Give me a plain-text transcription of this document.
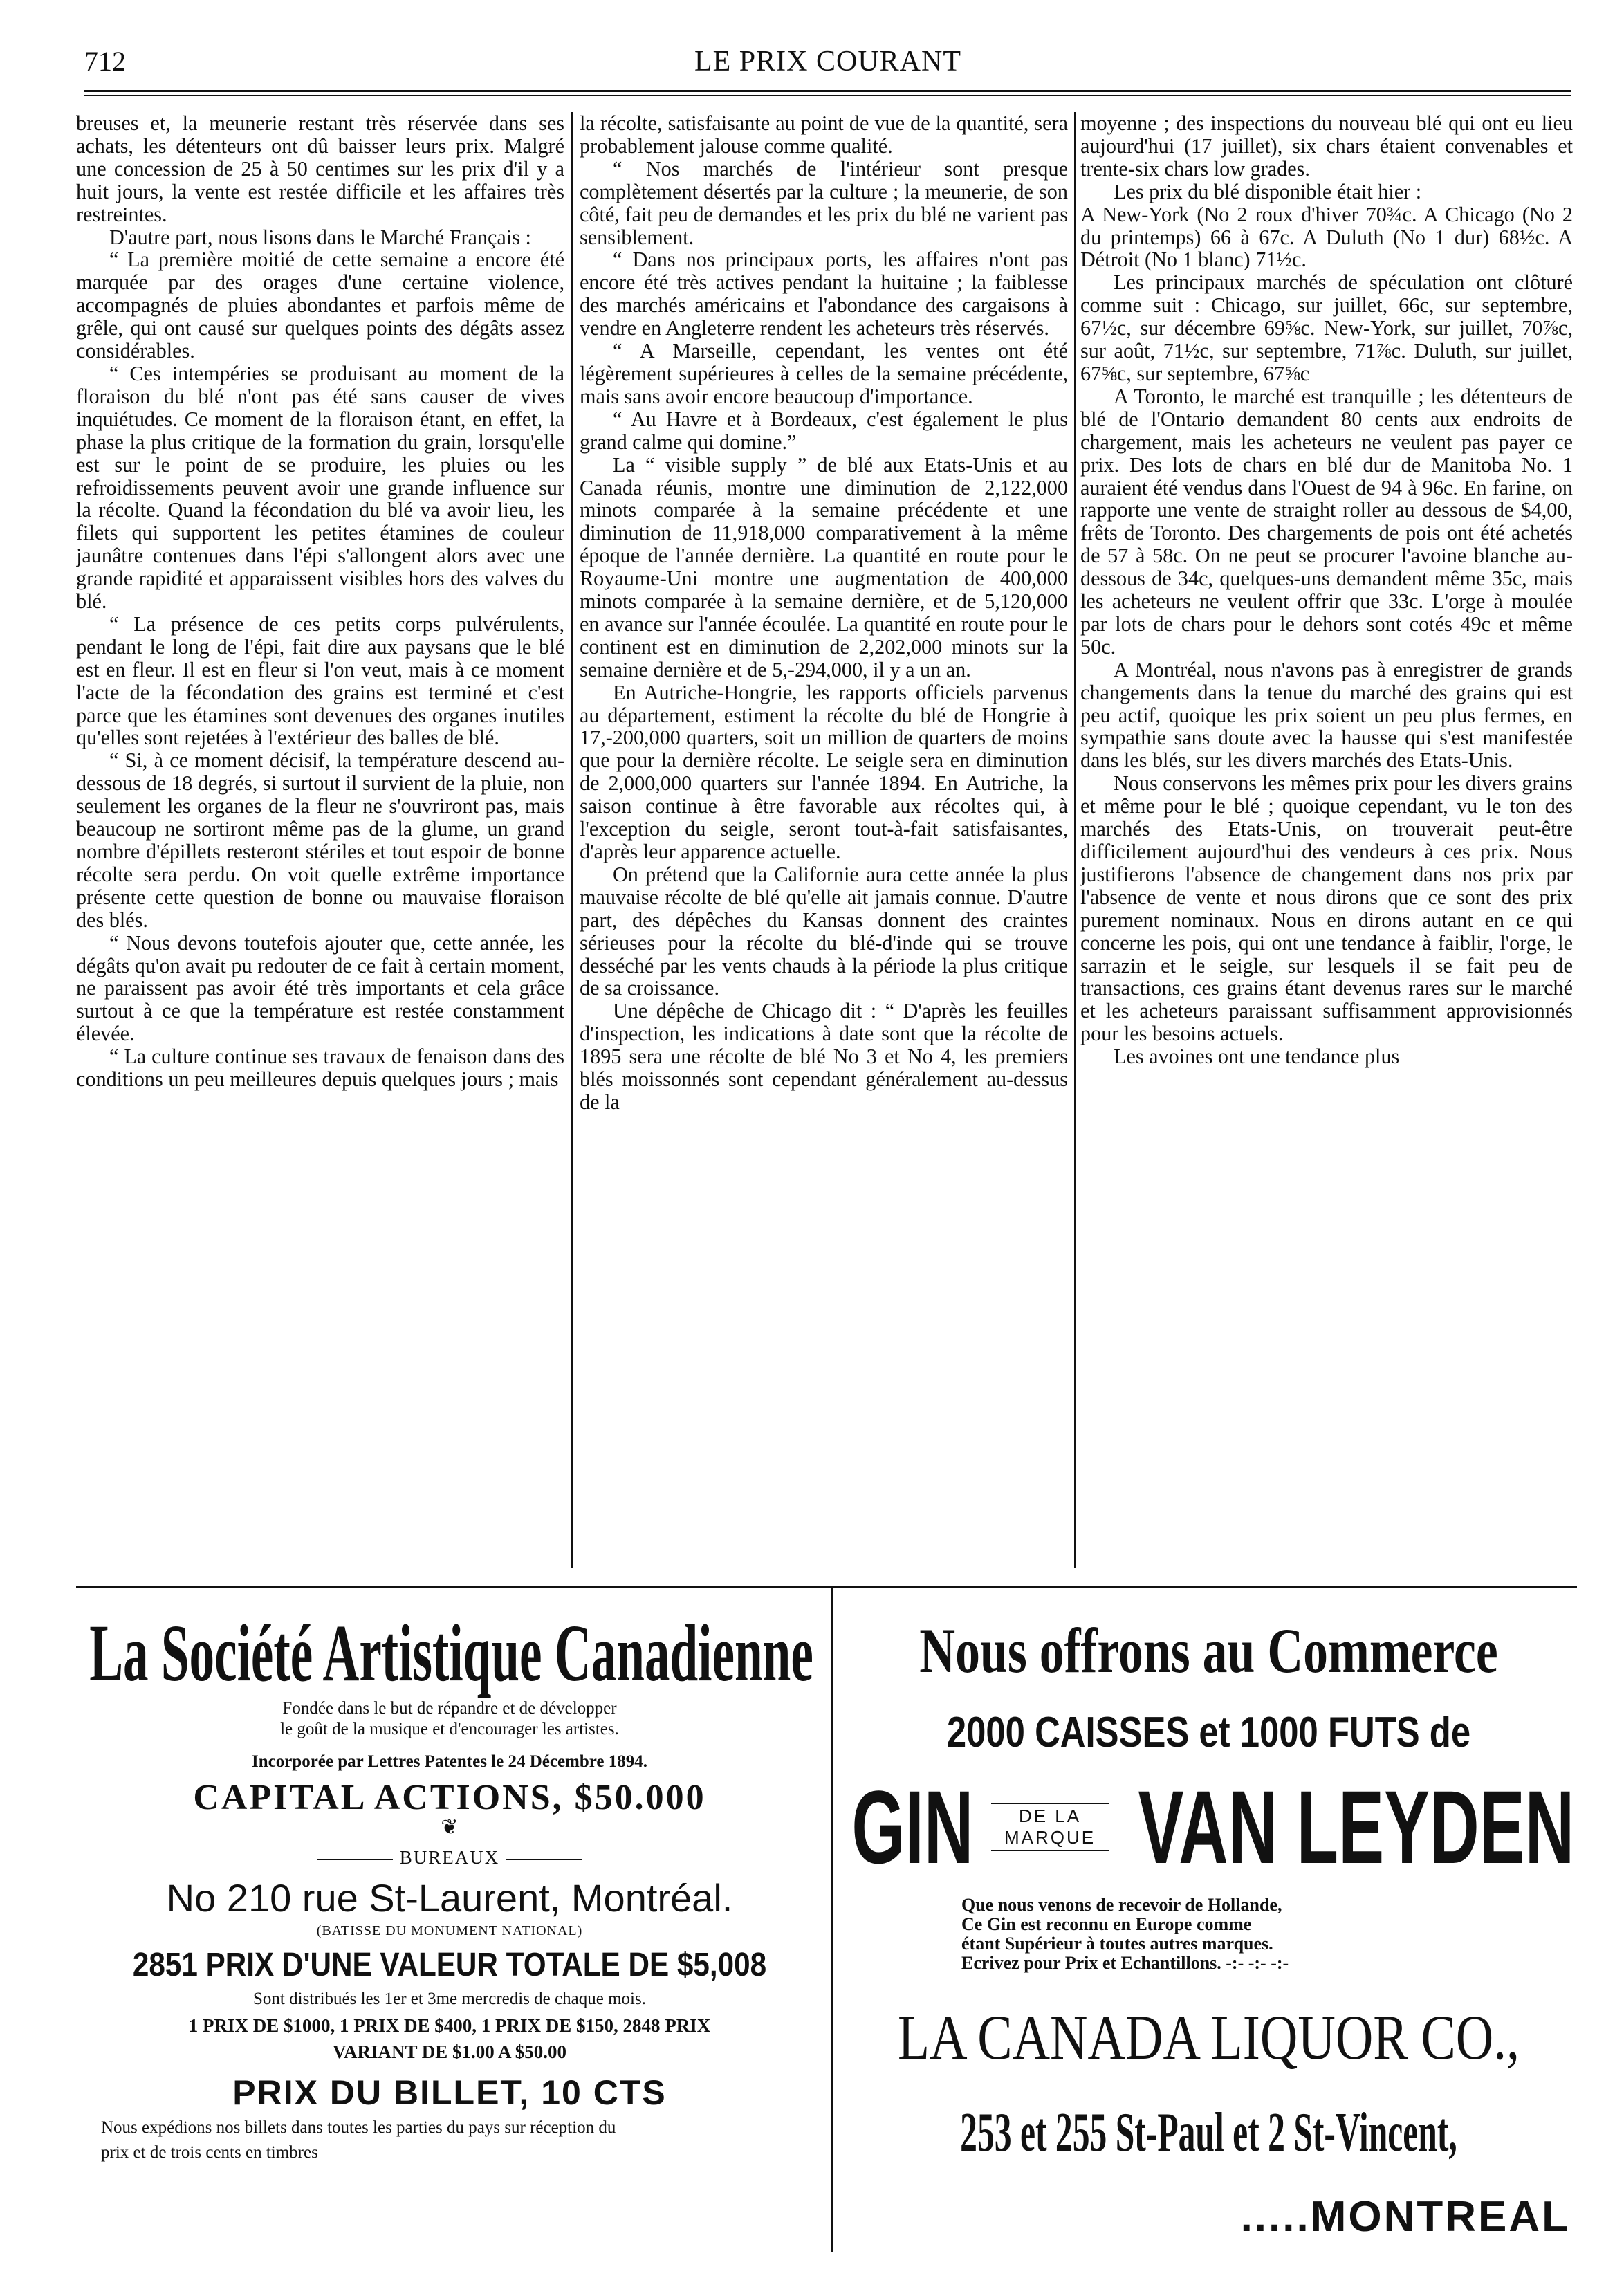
712	LE PRIX COURANT

breuses et, la meunerie restant très réservée dans ses achats, les détenteurs ont dû baisser leurs prix. Malgré une concession de 25 à 50 centimes sur les prix d'il y a huit jours, la vente est restée difficile et les affaires très restreintes.

D'autre part, nous lisons dans le Marché Français :

“ La première moitié de cette semaine a encore été marquée par des orages d'une certaine violence, accompagnés de pluies abondantes et parfois même de grêle, qui ont causé sur quelques points des dégâts assez considérables.

“ Ces intempéries se produisant au moment de la floraison du blé n'ont pas été sans causer de vives inquiétudes. Ce moment de la floraison étant, en effet, la phase la plus critique de la formation du grain, lorsqu'elle est sur le point de se produire, les pluies ou les refroidissements peuvent avoir une grande influence sur la récolte. Quand la fécondation du blé va avoir lieu, les filets qui supportent les petites étamines de couleur jaunâtre contenues dans l'épi s'allongent alors avec une grande rapidité et apparaissent visibles hors des valves du blé.

“ La présence de ces petits corps pulvérulents, pendant le long de l'épi, fait dire aux paysans que le blé est en fleur. Il est en fleur si l'on veut, mais à ce moment l'acte de la fécondation des grains est terminé et c'est parce que les étamines sont devenues des organes inutiles qu'elles sont rejetées à l'extérieur des balles de blé.

“ Si, à ce moment décisif, la température descend au-dessous de 18 degrés, si surtout il survient de la pluie, non seulement les organes de la fleur ne s'ouvriront pas, mais beaucoup ne sortiront même pas de la glume, un grand nombre d'épillets resteront stériles et tout espoir de bonne récolte sera perdu. On voit quelle extrême importance présente cette question de bonne ou mauvaise floraison des blés.

“ Nous devons toutefois ajouter que, cette année, les dégâts qu'on avait pu redouter de ce fait à certain moment, ne paraissent pas avoir été très importants et cela grâce surtout à ce que la température est restée constamment élevée.

“ La culture continue ses travaux de fenaison dans des conditions un peu meilleures depuis quelques jours ; mais

la récolte, satisfaisante au point de vue de la quantité, sera probablement jalouse comme qualité.

“ Nos marchés de l'intérieur sont presque complètement désertés par la culture ; la meunerie, de son côté, fait peu de demandes et les prix du blé ne varient pas sensiblement.

“ Dans nos principaux ports, les affaires n'ont pas encore été très actives pendant la huitaine ; la faiblesse des marchés américains et l'abondance des cargaisons à vendre en Angleterre rendent les acheteurs très réservés.

“ A Marseille, cependant, les ventes ont été légèrement supérieures à celles de la semaine précédente, mais sans avoir encore beaucoup d'importance.

“ Au Havre et à Bordeaux, c'est également le plus grand calme qui domine.”

La “ visible supply ” de blé aux Etats-Unis et au Canada réunis, montre une diminution de 2,122,000 minots comparée à la semaine précédente et une diminution de 11,918,000 comparativement à la même époque de l'année dernière. La quantité en route pour le Royaume-Uni montre une augmentation de 400,000 minots comparée à la semaine dernière, et de 5,120,000 en avance sur l'année écoulée. La quantité en route pour le continent est en diminution de 2,202,000 minots sur la semaine dernière et de 5,-294,000, il y a un an.

En Autriche-Hongrie, les rapports officiels parvenus au département, estiment la récolte du blé de Hongrie à 17,-200,000 quarters, soit un million de quarters de moins que pour la dernière récolte. Le seigle sera en diminution de 2,000,000 quarters sur l'année 1894. En Autriche, la saison continue à être favorable aux récoltes qui, à l'exception du seigle, seront tout-à-fait satisfaisantes, d'après leur apparence actuelle.

On prétend que la Californie aura cette année la plus mauvaise récolte de blé qu'elle ait jamais connue. D'autre part, des dépêches du Kansas donnent des craintes sérieuses pour la récolte du blé-d'inde qui se trouve desséché par les vents chauds à la période la plus critique de sa croissance.

Une dépêche de Chicago dit : “ D'après les feuilles d'inspection, les indications à date sont que la récolte de 1895 sera une récolte de blé No 3 et No 4, les premiers blés moissonnés sont cependant généralement au-dessus de la

moyenne ; des inspections du nouveau blé qui ont eu lieu aujourd'hui (17 juillet), six chars étaient convenables et trente-six chars low grades.

Les prix du blé disponible était hier :

A New-York (No 2 roux d'hiver 70¾c. A Chicago (No 2 du printemps) 66 à 67c. A Duluth (No 1 dur) 68½c. A Détroit (No 1 blanc) 71½c.

Les principaux marchés de spéculation ont clôturé comme suit : Chicago, sur juillet, 66c, sur septembre, 67½c, sur décembre 69⅝c. New-York, sur juillet, 70⅞c, sur août, 71½c, sur septembre, 71⅞c. Duluth, sur juillet, 67⅝c, sur septembre, 67⅝c

A Toronto, le marché est tranquille ; les détenteurs de blé de l'Ontario demandent 80 cents aux endroits de chargement, mais les acheteurs ne veulent pas payer ce prix. Des lots de chars en blé dur de Manitoba No. 1 auraient été vendus dans l'Ouest de 94 à 96c. En farine, on rapporte une vente de straight roller au dessous de $4,00, frêts de Toronto. Des chargements de pois ont été achetés de 57 à 58c. On ne peut se procurer l'avoine blanche au-dessous de 34c, quelques-uns demandent même 35c, mais les acheteurs ne veulent offrir que 33c. L'orge à moulée par lots de chars pour le dehors sont cotés 49c et même 50c.

A Montréal, nous n'avons pas à enregistrer de grands changements dans la tenue du marché des grains qui est peu actif, quoique les prix soient un peu plus fermes, en sympathie sans doute avec la hausse qui s'est manifestée dans les blés, sur les divers marchés des Etats-Unis.

Nous conservons les mêmes prix pour les divers grains et même pour le blé ; quoique cependant, vu le ton des marchés des Etats-Unis, on trouverait peut-être difficilement aujourd'hui des vendeurs à ces prix. Nous justifierons l'absence de changement dans nos prix par l'absence de vente et nous dirons que ce sont des prix purement nominaux. Nous en dirons autant en ce qui concerne les pois, qui ont une tendance à faiblir, l'orge, le sarrazin et le seigle, sur lesquels il se fait peu de transactions, ces grains étant devenus rares sur le marché et les acheteurs paraissant suffisamment approvisionnés pour les besoins actuels.

Les avoines ont une tendance plus

La Société Artistique Canadienne
Fondée dans le but de répandre et de développer
le goût de la musique et d'encourager les artistes.
Incorporée par Lettres Patentes le 24 Décembre 1894.
CAPITAL ACTIONS, $50.000
❦
BUREAUX
No 210 rue St-Laurent, Montréal.
(BATISSE DU MONUMENT NATIONAL)
2851 PRIX D'UNE VALEUR TOTALE DE $5,008
Sont distribués les 1er et 3me mercredis de chaque mois.
1 PRIX DE $1000, 1 PRIX DE $400, 1 PRIX DE $150, 2848 PRIX
VARIANT DE $1.00 A $50.00
PRIX DU BILLET, 10 CTS
Nous expédions nos billets dans toutes les parties du pays sur réception du
prix et de trois cents en timbres
Nous offrons au Commerce
2000 CAISSES et 1000 FUTS de
GIN	DE LA
MARQUE VAN LEYDEN
Que nous venons de recevoir de Hollande,
Ce Gin est reconnu en Europe comme
étant Supérieur à toutes autres marques.
Ecrivez pour Prix et Echantillons. -:- -:- -:-
LA CANADA LIQUOR CO.,
253 et 255 St-Paul et 2 St-Vincent,
.....MONTREAL
